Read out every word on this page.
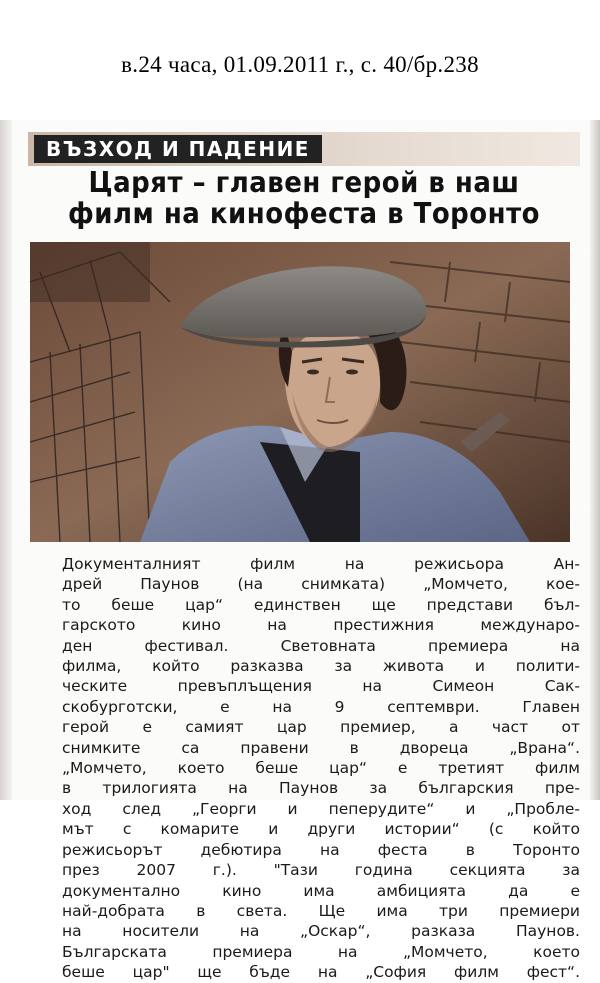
в.24 часа, 01.09.2011 г., с. 40/бр.238
ВЪЗХОД И ПАДЕНИЕ
Царят – главен герой в наш
филм на кинофеста в Торонто
Документалният филм на режисьора Ан-
дрей Паунов (на снимката) „Момчето, кое-
то беше цар“ единствен ще представи бъл-
гарското кино на престижния междунаро-
ден фестивал. Световната премиера на
филма, който разказва за живота и полити-
ческите превъплъщения на Симеон Сак-
скобурготски, е на 9 септември. Главен
герой е самият цар премиер, а част от
снимките са правени в двореца „Врана“.
„Момчето, което беше цар“ е третият филм
в трилогията на Паунов за българския пре-
ход след „Георги и пеперудите“ и „Пробле-
мът с комарите и други истории“ (с който
режисьорът дебютира на феста в Торонто
през 2007 г.). "Тази година секцията за
документално кино има амбицията да е
най-добрата в света. Ще има три премиери
на носители на „Оскар“, разказа Паунов.
Българската премиера на „Момчето, което
беше цар" ще бъде на „София филм фест“.
